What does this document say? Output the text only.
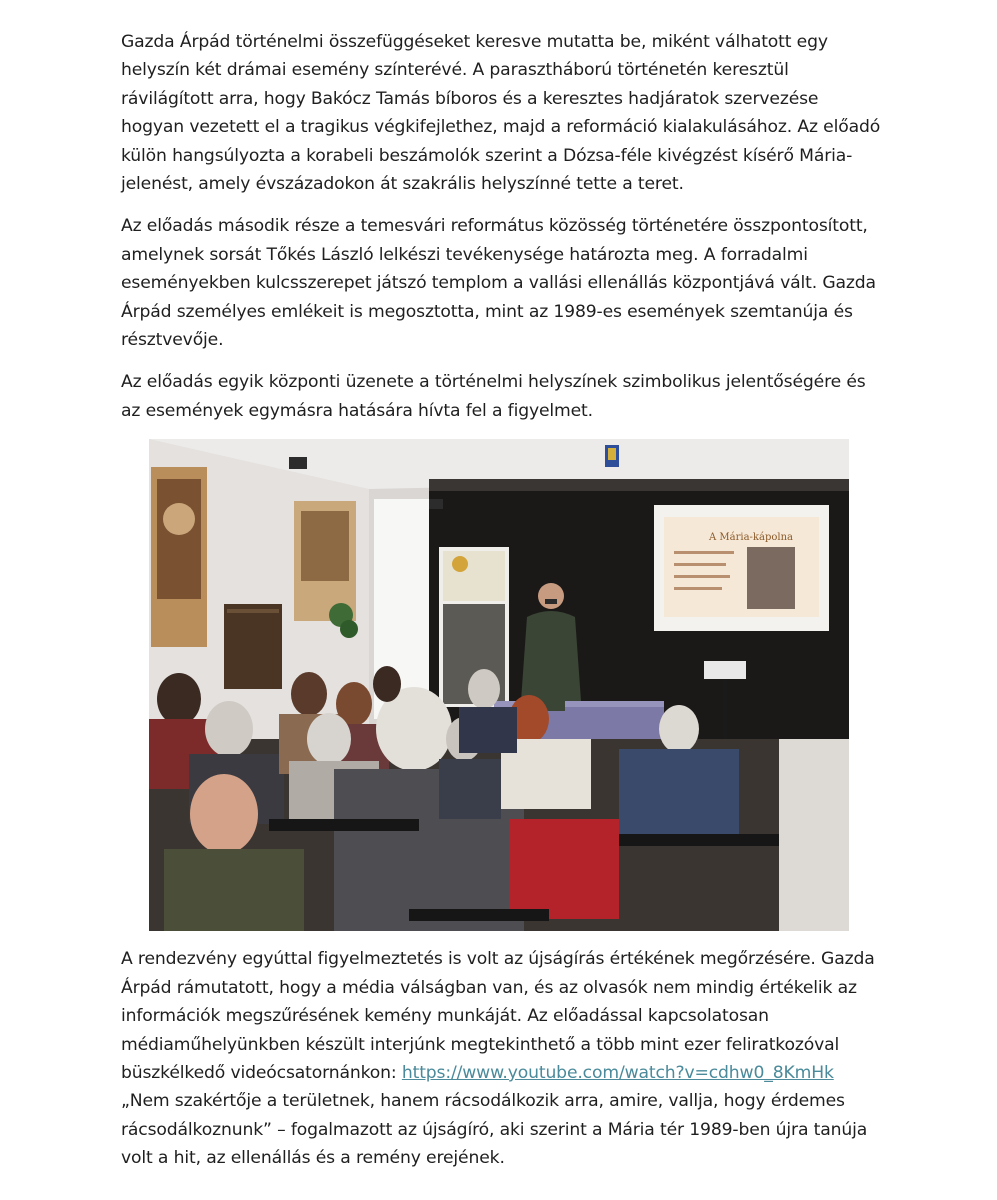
Gazda Árpád történelmi összefüggéseket keresve mutatta be, miként válhatott egy helyszín két drámai esemény színterévé. A parasztháború történetén keresztül rávilágított arra, hogy Bakócz Tamás bíboros és a keresztes hadjáratok szervezése hogyan vezetett el a tragikus végkifejlethez, majd a reformáció kialakulásához. Az előadó külön hangsúlyozta a korabeli beszámolók szerint a Dózsa-féle kivégzést kísérő Mária-jelenést, amely évszázadokon át szakrális helyszínné tette a teret.

Az előadás második része a temesvári református közösség történetére összpontosított, amelynek sorsát Tőkés László lelkészi tevékenysége határozta meg. A forradalmi eseményekben kulcsszerepet játszó templom a vallási ellenállás központjává vált. Gazda Árpád személyes emlékeit is megosztotta, mint az 1989-es események szemtanúja és résztvevője.

Az előadás egyik központi üzenete a történelmi helyszínek szimbolikus jelentőségére és az események egymásra hatására hívta fel a figyelmet.

A Mária-kápolna

A rendezvény egyúttal figyelmeztetés is volt az újságírás értékének megőrzésére. Gazda Árpád rámutatott, hogy a média válságban van, és az olvasók nem mindig értékelik az információk megszűrésének kemény munkáját. Az előadással kapcsolatosan médiaműhelyünkben készült interjúnk megtekinthető a több mint ezer feliratkozóval büszkélkedő videócsatornánkon: https://www.youtube.com/watch?v=cdhw0_8KmHk „Nem szakértője a területnek, hanem rácsodálkozik arra, amire, vallja, hogy érdemes rácsodálkoznunk” – fogalmazott az újságíró, aki szerint a Mária tér 1989-ben újra tanúja volt a hit, az ellenállás és a remény erejének.
